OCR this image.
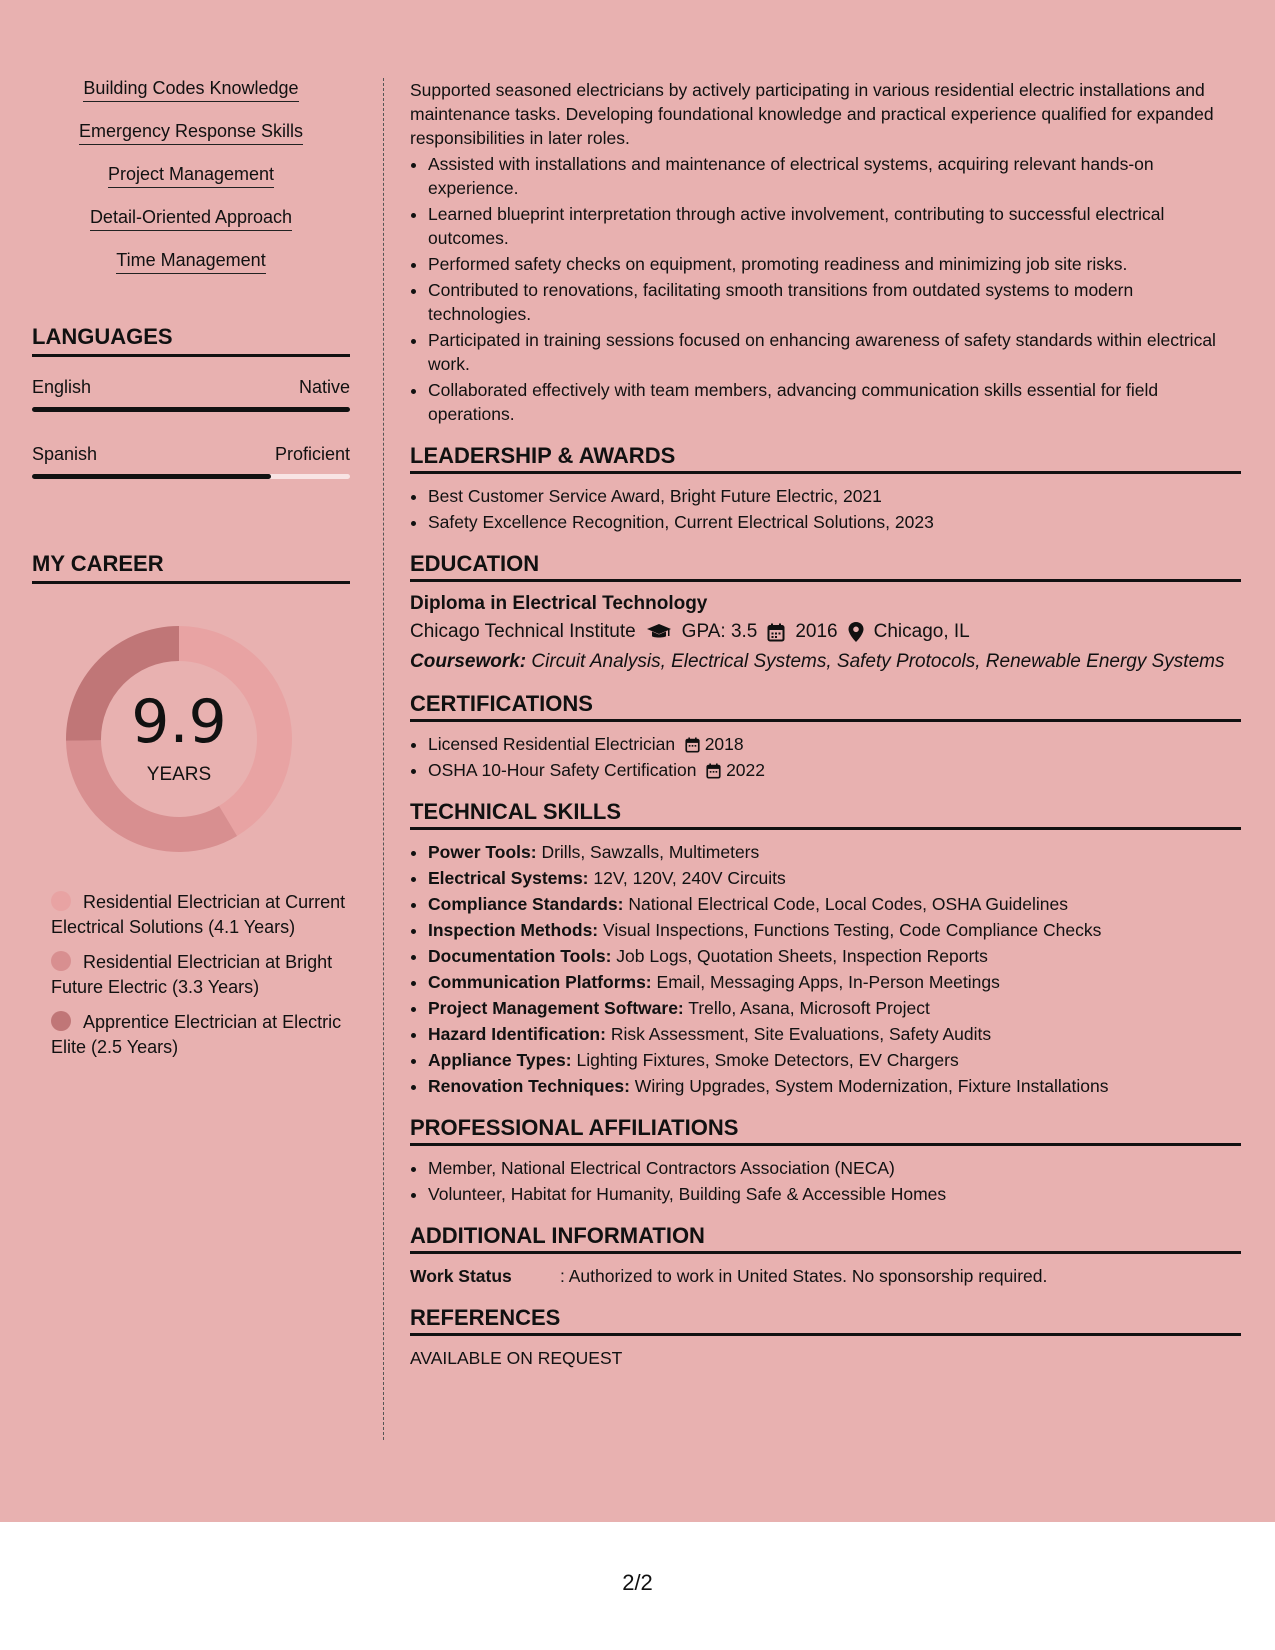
Building Codes Knowledge
Emergency Response Skills
Project Management
Detail-Oriented Approach
Time Management
LANGUAGES
English	Native
Spanish	Proficient
MY CAREER
9.9
YEARS
Residential Electrician at Current Electrical Solutions (4.1 Years)
Residential Electrician at Bright Future Electric (3.3 Years)
Apprentice Electrician at Electric Elite (2.5 Years)

Supported seasoned electricians by actively participating in various residential electric installations and maintenance tasks. Developing foundational knowledge and practical experience qualified for expanded responsibilities in later roles.

• Assisted with installations and maintenance of electrical systems, acquiring relevant hands-on experience.
• Learned blueprint interpretation through active involvement, contributing to successful electrical outcomes.
• Performed safety checks on equipment, promoting readiness and minimizing job site risks.
• Contributed to renovations, facilitating smooth transitions from outdated systems to modern technologies.
• Participated in training sessions focused on enhancing awareness of safety standards within electrical work.
• Collaborated effectively with team members, advancing communication skills essential for field operations.
LEADERSHIP & AWARDS
• Best Customer Service Award, Bright Future Electric, 2021
• Safety Excellence Recognition, Current Electrical Solutions, 2023
EDUCATION
Diploma in Electrical Technology
Chicago Technical Institute GPA: 3.5 2016 Chicago, IL
Coursework: Circuit Analysis, Electrical Systems, Safety Protocols, Renewable Energy Systems
CERTIFICATIONS
• Licensed Residential Electrician 2018
• OSHA 10-Hour Safety Certification 2022
TECHNICAL SKILLS
• Power Tools: Drills, Sawzalls, Multimeters
• Electrical Systems: 12V, 120V, 240V Circuits
• Compliance Standards: National Electrical Code, Local Codes, OSHA Guidelines
• Inspection Methods: Visual Inspections, Functions Testing, Code Compliance Checks
• Documentation Tools: Job Logs, Quotation Sheets, Inspection Reports
• Communication Platforms: Email, Messaging Apps, In-Person Meetings
• Project Management Software: Trello, Asana, Microsoft Project
• Hazard Identification: Risk Assessment, Site Evaluations, Safety Audits
• Appliance Types: Lighting Fixtures, Smoke Detectors, EV Chargers
• Renovation Techniques: Wiring Upgrades, System Modernization, Fixture Installations
PROFESSIONAL AFFILIATIONS
• Member, National Electrical Contractors Association (NECA)
• Volunteer, Habitat for Humanity, Building Safe & Accessible Homes
ADDITIONAL INFORMATION
Work Status	: Authorized to work in United States. No sponsorship required.
REFERENCES
AVAILABLE ON REQUEST
2/2
